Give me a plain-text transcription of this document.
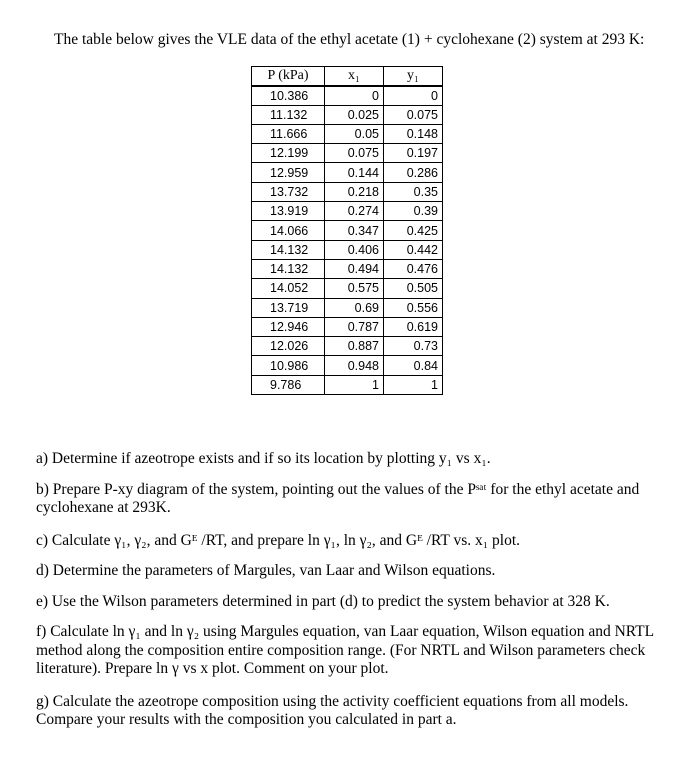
The table below gives the VLE data of the ethyl acetate (1) + cyclohexane (2) system at 293 K:

P (kPa)	x₁	y₁
10.386	0	0
11.132	0.025	0.075
11.666	0.05	0.148
12.199	0.075	0.197
12.959	0.144	0.286
13.732	0.218	0.35
13.919	0.274	0.39
14.066	0.347	0.425
14.132	0.406	0.442
14.132	0.494	0.476
14.052	0.575	0.505
13.719	0.69	0.556
12.946	0.787	0.619
12.026	0.887	0.73
10.986	0.948	0.84
9.786	1	1

a) Determine if azeotrope exists and if so its location by plotting y₁ vs x₁.

b) Prepare P-xy diagram of the system, pointing out the values of the Pˢᵃᵗ for the ethyl acetate and cyclohexane at 293K.

c) Calculate γ₁, γ₂, and Gᴱ /RT, and prepare ln γ₁, ln γ₂, and Gᴱ /RT vs. x₁ plot.

d) Determine the parameters of Margules, van Laar and Wilson equations.

e) Use the Wilson parameters determined in part (d) to predict the system behavior at 328 K.

f) Calculate ln γ₁ and ln γ₂ using Margules equation, van Laar equation, Wilson equation and NRTL method along the composition entire composition range. (For NRTL and Wilson parameters check literature). Prepare ln γ vs x plot. Comment on your plot.

g) Calculate the azeotrope composition using the activity coefficient equations from all models. Compare your results with the composition you calculated in part a.
